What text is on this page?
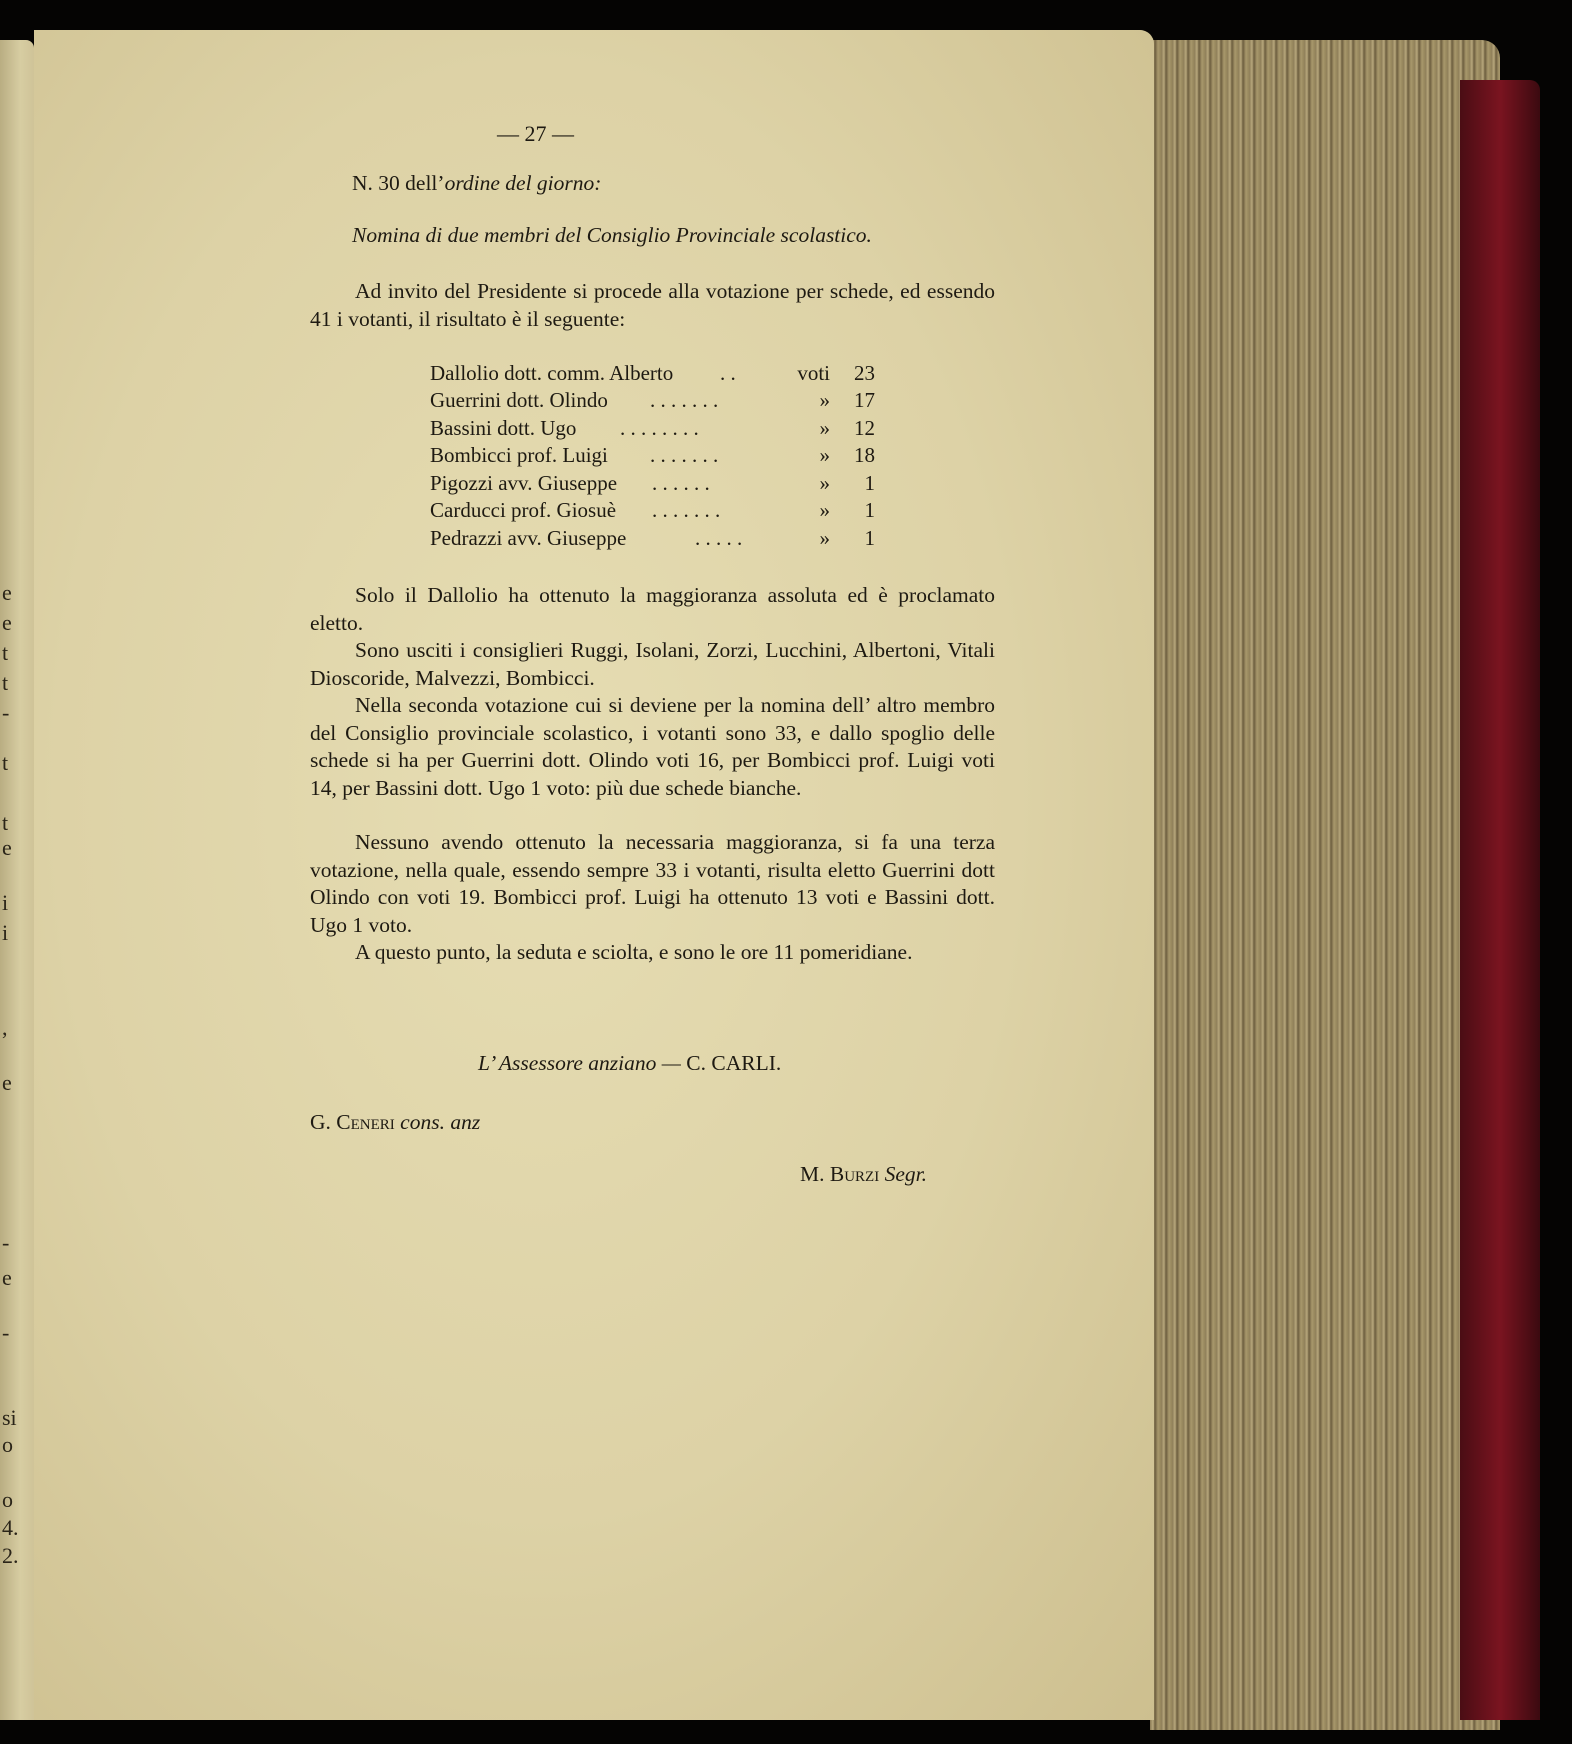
e
e
t
t
-
t
t
e
i
i
,
e
-
e
-
si
o
o
4.
2.
— 27 —
N. 30 dell’ordine del giorno:
Nomina di due membri del Consiglio Provinciale scolastico.
Ad invito del Presidente si procede alla votazione per schede, ed essendo 41 i votanti, il risultato è il seguente:
Dallolio dott. comm. Alberto . .	voti 23
Guerrini dott. Olindo . . . . . . .	» 17
Bassini dott. Ugo . . . . . . . .	» 12
Bombicci prof. Luigi . . . . . . .	» 18
Pigozzi avv. Giuseppe . . . . . .	» 1
Carducci prof. Giosuè . . . . . . .	» 1
Pedrazzi avv. Giuseppe	. . . . .	» 1
Solo il Dallolio ha ottenuto la maggioranza assoluta ed è proclamato eletto.
Sono usciti i consiglieri Ruggi, Isolani, Zorzi, Lucchini, Albertoni, Vitali Dioscoride, Malvezzi, Bombicci.
Nella seconda votazione cui si deviene per la nomina dell’ altro membro del Consiglio provinciale scolastico, i votanti sono 33, e dallo spoglio delle schede si ha per Guerrini dott. Olindo voti 16, per Bombicci prof. Luigi voti 14, per Bassini dott. Ugo 1 voto: più due schede bianche.
Nessuno avendo ottenuto la necessaria maggioranza, si fa una terza votazione, nella quale, essendo sempre 33 i votanti, risulta eletto Guerrini dott Olindo con voti 19. Bombicci prof. Luigi ha ottenuto 13 voti e Bassini dott. Ugo 1 voto.
A questo punto, la seduta e sciolta, e sono le ore 11 pomeridiane.
L’ Assessore anziano — C. CARLI.
G. Ceneri cons. anz
M. Burzi Segr.
